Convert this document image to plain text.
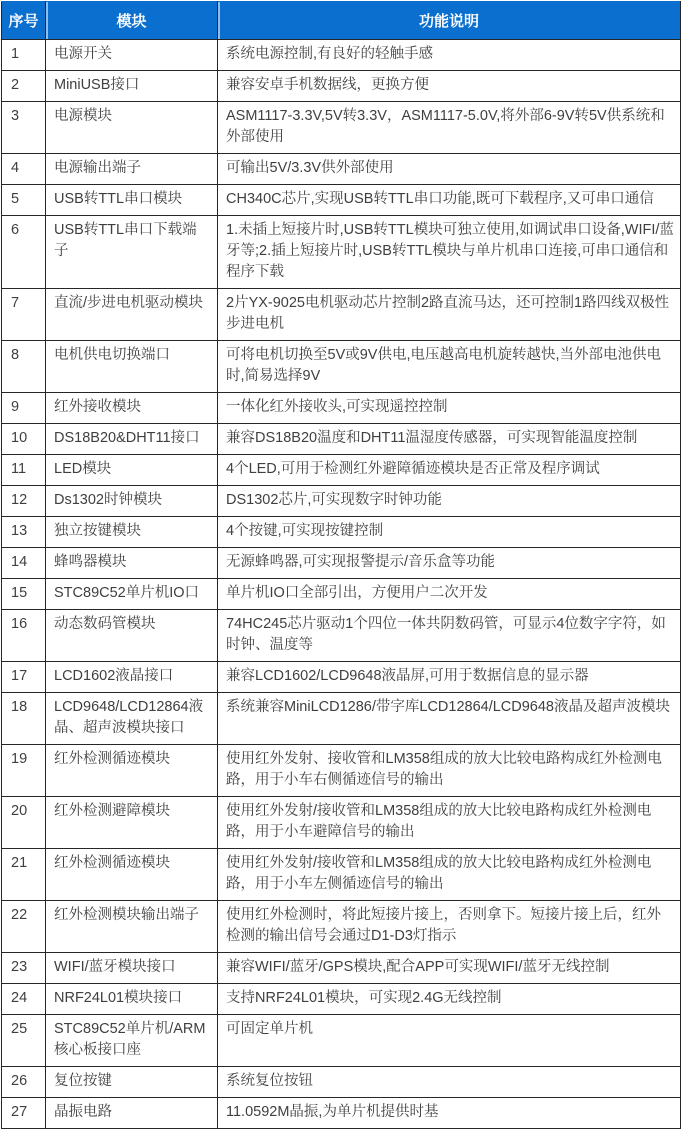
序号	模块	功能说明
1	电源开关	系统电源控制,有良好的轻触手感
2	MiniUSB接口	兼容安卓手机数据线，更换方便
3	电源模块	ASM1117-3.3V,5V转3.3V，ASM1117-5.0V,将外部6-9V转5V供系统和外部使用
4	电源输出端子	可输出5V/3.3V供外部使用
5	USB转TTL串口模块	CH340C芯片,实现USB转TTL串口功能,既可下载程序,又可串口通信
6	USB转TTL串口下载端子	1.未插上短接片时,USB转TTL模块可独立使用,如调试串口设备,WIFI/蓝牙等;2.插上短接片时,USB转TTL模块与单片机串口连接,可串口通信和程序下载
7	直流/步进电机驱动模块	2片YX-9025电机驱动芯片控制2路直流马达，还可控制1路四线双极性步进电机
8	电机供电切换端口	可将电机切换至5V或9V供电,电压越高电机旋转越快,当外部电池供电时,简易选择9V
9	红外接收模块	一体化红外接收头,可实现遥控控制
10	DS18B20&DHT11接口	兼容DS18B20温度和DHT11温湿度传感器，可实现智能温度控制
11	LED模块	4个LED,可用于检测红外避障循迹模块是否正常及程序调试
12	Ds1302时钟模块	DS1302芯片,可实现数字时钟功能
13	独立按键模块	4个按键,可实现按键控制
14	蜂鸣器模块	无源蜂鸣器,可实现报警提示/音乐盒等功能
15	STC89C52单片机IO口	单片机IO口全部引出，方便用户二次开发
16	动态数码管模块	74HC245芯片驱动1个四位一体共阴数码管，可显示4位数字字符，如时钟、温度等
17	LCD1602液晶接口	兼容LCD1602/LCD9648液晶屏,可用于数据信息的显示器
18	LCD9648/LCD12864液晶、超声波模块接口	系统兼容MiniLCD1286/带字库LCD12864/LCD9648液晶及超声波模块
19	红外检测循迹模块	使用红外发射、接收管和LM358组成的放大比较电路构成红外检测电路，用于小车右侧循迹信号的输出
20	红外检测避障模块	使用红外发射/接收管和LM358组成的放大比较电路构成红外检测电路，用于小车避障信号的输出
21	红外检测循迹模块	使用红外发射/接收管和LM358组成的放大比较电路构成红外检测电路，用于小车左侧循迹信号的输出
22	红外检测模块输出端子	使用红外检测时，将此短接片接上，否则拿下。短接片接上后，红外检测的输出信号会通过D1-D3灯指示
23	WIFI/蓝牙模块接口	兼容WIFI/蓝牙/GPS模块,配合APP可实现WIFI/蓝牙无线控制
24	NRF24L01模块接口	支持NRF24L01模块，可实现2.4G无线控制
25	STC89C52单片机/ARM核心板接口座	可固定单片机
26	复位按键	系统复位按钮
27	晶振电路	11.0592M晶振,为单片机提供时基
